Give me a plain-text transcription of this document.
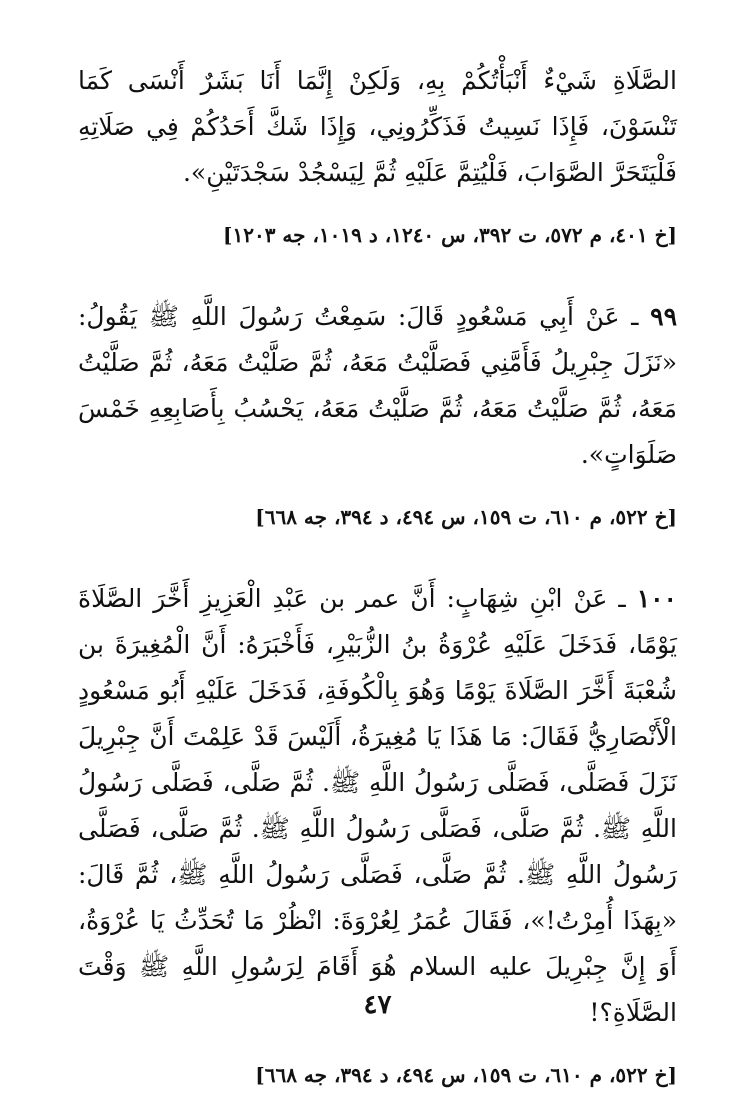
الصَّلَاةِ شَيْءٌ أَنْبَأْتُكُمْ بِهِ، وَلَكِنْ إِنَّمَا أَنَا بَشَرٌ أَنْسَى كَمَا تَنْسَوْنَ، فَإِذَا نَسِيتُ فَذَكِّرُونِي، وَإِذَا شَكَّ أَحَدُكُمْ فِي صَلَاتِهِ فَلْيَتَحَرَّ الصَّوَابَ، فَلْيُتِمَّ عَلَيْهِ ثُمَّ لِيَسْجُدْ سَجْدَتَيْنِ».

[خ ٤٠١، م ٥٧٢، ت ٣٩٢، س ١٢٤٠، د ١٠١٩، جه ١٢٠٣]

٩٩ ـ عَنْ أَبِي مَسْعُودٍ قَالَ: سَمِعْتُ رَسُولَ اللَّهِ ﷺ يَقُولُ: «نَزَلَ جِبْرِيلُ فَأَمَّنِي فَصَلَّيْتُ مَعَهُ، ثُمَّ صَلَّيْتُ مَعَهُ، ثُمَّ صَلَّيْتُ مَعَهُ، ثُمَّ صَلَّيْتُ مَعَهُ، ثُمَّ صَلَّيْتُ مَعَهُ، يَحْسُبُ بِأَصَابِعِهِ خَمْسَ صَلَوَاتٍ».

[خ ٥٢٢، م ٦١٠، ت ١٥٩، س ٤٩٤، د ٣٩٤، جه ٦٦٨]

١٠٠ ـ عَنْ ابْنِ شِهَابٍ: أَنَّ عمر بن عَبْدِ الْعَزِيزِ أَخَّرَ الصَّلَاةَ يَوْمًا، فَدَخَلَ عَلَيْهِ عُرْوَةُ بنُ الزُّبَيْرِ، فَأَخْبَرَهُ: أَنَّ الْمُغِيرَةَ بن شُعْبَةَ أَخَّرَ الصَّلَاةَ يَوْمًا وَهُوَ بِالْكُوفَةِ، فَدَخَلَ عَلَيْهِ أَبُو مَسْعُودٍ الْأَنْصَارِيُّ فَقَالَ: مَا هَذَا يَا مُغِيرَةُ، أَلَيْسَ قَدْ عَلِمْتَ أَنَّ جِبْرِيلَ نَزَلَ فَصَلَّى، فَصَلَّى رَسُولُ اللَّهِ ﷺ. ثُمَّ صَلَّى، فَصَلَّى رَسُولُ اللَّهِ ﷺ. ثُمَّ صَلَّى، فَصَلَّى رَسُولُ اللَّهِ ﷺ. ثُمَّ صَلَّى، فَصَلَّى رَسُولُ اللَّهِ ﷺ. ثُمَّ صَلَّى، فَصَلَّى رَسُولُ اللَّهِ ﷺ، ثُمَّ قَالَ: «بِهَذَا أُمِرْتُ!»، فَقَالَ عُمَرُ لِعُرْوَةَ: انْظُرْ مَا تُحَدِّثُ يَا عُرْوَةُ، أَوَ إِنَّ جِبْرِيلَ عليه السلام هُوَ أَقَامَ لِرَسُولِ اللَّهِ ﷺ وَقْتَ الصَّلَاةِ؟!

[خ ٥٢٢، م ٦١٠، ت ١٥٩، س ٤٩٤، د ٣٩٤، جه ٦٦٨]

٤٧
